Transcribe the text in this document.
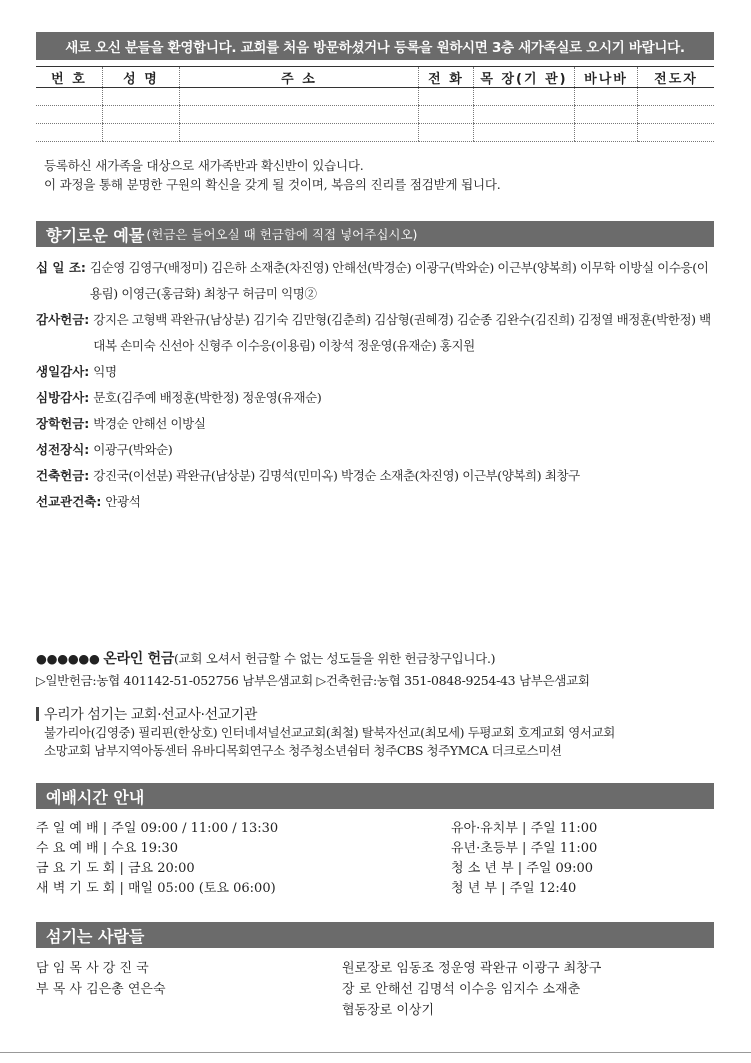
새로 오신 분들을 환영합니다. 교회를 처음 방문하셨거나 등록을 원하시면 3층 새가족실로 오시기 바랍니다.
번 호	성 명	주 소	전 화	목 장(기 관)	바나바	전도자

등록하신 새가족을 대상으로 새가족반과 확신반이 있습니다.
이 과정을 통해 분명한 구원의 확신을 갖게 될 것이며, 복음의 진리를 점검받게 됩니다.
향기로운 예물 (헌금은 들어오실 때 헌금함에 직접 넣어주십시오)
십 일 조:
김순영 김영구(배정미) 김은하 소재춘(차진영) 안해선(박경순) 이광구(박와순) 이근부(양복희) 이무학 이방실 이수응(이용림) 이영근(홍금화) 최창구 허금미 익명②
감사헌금:
강지은 고형백 곽완규(남상분) 김기숙 김만형(김춘희) 김삼형(권혜경) 김순종 김완수(김진희) 김정열 배정훈(박한정) 백대복 손미숙 신선아 신형주 이수응(이용림) 이창석 정운영(유재순) 홍지원
생일감사:
익명
심방감사:
문호(김주예 배정훈(박한정) 정운영(유재순)
장학헌금:
박경순 안해선 이방실
성전장식:
이광구(박와순)
건축헌금:
강진국(이선분) 곽완규(남상분) 김명석(민미옥) 박경순 소재춘(차진영) 이근부(양복희) 최창구
선교관건축:
안광석
●●●●●● 온라인 헌금(교회 오셔서 헌금할 수 없는 성도들을 위한 헌금창구입니다.)
▷일반헌금:농협 401142-51-052756 남부은샘교회 ▷건축헌금:농협 351-0848-9254-43 남부은샘교회
우리가 섬기는 교회·선교사·선교기관
불가리아(김영중) 필리핀(한상호) 인터네셔널선교교회(최철) 탈북자선교(최모세) 두평교회 호계교회 영서교회
소망교회 남부지역아동센터 유바디목회연구소 청주청소년쉼터 청주CBS 청주YMCA 더크로스미션
예배시간 안내
주 일 예 배 | 주일 09:00 / 11:00 / 13:30
수 요 예 배 | 수요 19:30
금 요 기 도 회 | 금요 20:00
새 벽 기 도 회 | 매일 05:00 (토요 06:00)
유아·유치부 | 주일 11:00
유년·초등부 | 주일 11:00
청 소 년 부 | 주일 09:00
청 년 부 | 주일 12:40
섬기는 사람들
담 임 목 사 강 진 국
부 목 사 김은총 연은숙
원로장로 임동조 정운영 곽완규 이광구 최창구
장 로 안해선 김명석 이수응 임지수 소재춘
협동장로 이상기
